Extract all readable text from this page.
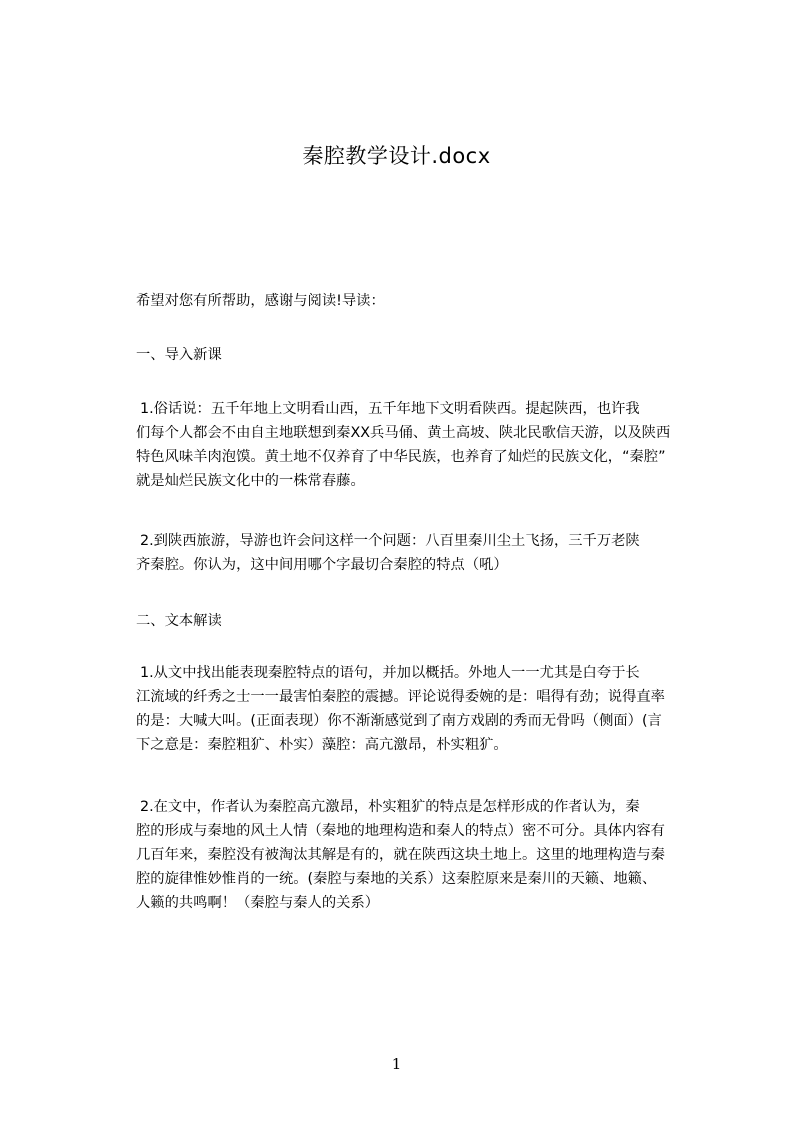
秦腔教学设计.docx
希望对您有所帮助，感谢与阅读!导读：
一、导入新课
1.俗话说：五千年地上文明看山西，五千年地下文明看陕西。提起陕西，也许我
们每个人都会不由自主地联想到秦XX兵马俑、黄土高坡、陕北民歌信天游，以及陕西
特色风味羊肉泡馍。黄土地不仅养育了中华民族，也养育了灿烂的民族文化，“秦腔”
就是灿烂民族文化中的一株常春藤。
2.到陕西旅游，导游也许会问这样一个问题：八百里秦川尘土飞扬，三千万老陕
齐秦腔。你认为，这中间用哪个字最切合秦腔的特点（吼）
二、文本解读
1.从文中找出能表现秦腔特点的语句，并加以概括。外地人一一尤其是白夸于长
江流域的纤秀之士一一最害怕秦腔的震撼。评论说得委婉的是：唱得有劲；说得直率
的是：大喊大叫。(正面表现）你不渐渐感觉到了南方戏剧的秀而无骨吗（侧面）(言
下之意是：秦腔粗犷、朴实）藻腔：高亢激昂，朴实粗犷。
2.在文中，作者认为秦腔高亢激昂，朴实粗犷的特点是怎样形成的作者认为，秦
腔的形成与秦地的风土人情（秦地的地理构造和秦人的特点）密不可分。具体内容有
几百年来，秦腔没有被淘汰其解是有的，就在陕西这块土地上。这里的地理构造与秦
腔的旋律惟妙惟肖的一统。(秦腔与秦地的关系）这秦腔原来是秦川的天籁、地籁、
人籁的共鸣啊！（秦腔与秦人的关系）
1
